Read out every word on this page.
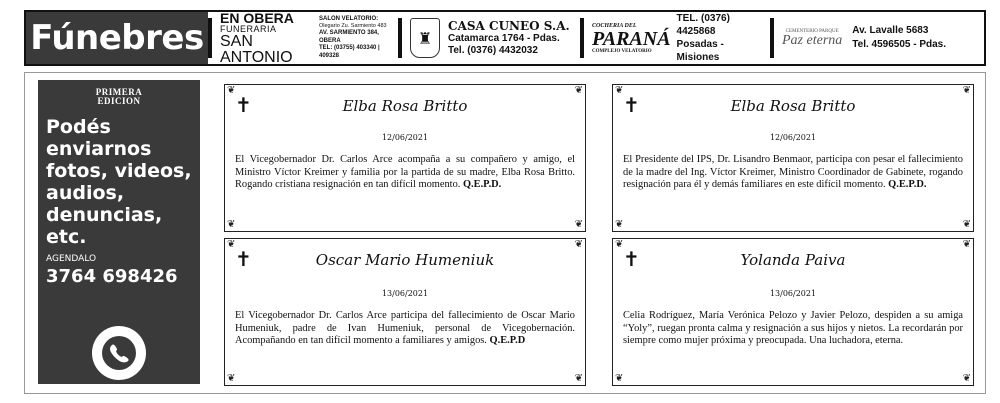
Fúnebres
EN OBERA
FUNERARIA
SAN ANTONIO
SALON VELATORIO:
Olegario Zu. Sarmiento 483
AV. SARMIENTO 384, OBERA
TEL: (03755) 403340 | 409328
♜
CASA CUNEO S.A.
Catamarca 1764 - Pdas.
Tel. (0376) 4432032
COCHERIA DEL
PARANÁ
COMPLEJO VELATORIO
TEL. (0376) 4425868
Posadas - Misiones
CEMENTERIO PARQUE
Paz eterna
Av. Lavalle 5683
Tel. 4596505 - Pdas.
PRIMERA
EDICION
Podés enviarnos fotos, videos, audios, denuncias, etc.
AGENDALO
3764 698426
❦	❦
❦	❦
✝	Elba Rosa Britto
12/06/2021
El Vicegobernador Dr. Carlos Arce acompaña a su compañero y amigo, el Ministro Víctor Kreimer y familia por la partida de su madre, Elba Rosa Britto. Rogando cristiana resignación en tan difícil momento. Q.E.P.D.
❦	❦
❦	❦
✝	Elba Rosa Britto
12/06/2021
El Presidente del IPS, Dr. Lisandro Benmaor, participa con pesar el fallecimiento de la madre del Ing. Víctor Kreimer, Ministro Coordinador de Gabinete, rogando resignación para él y demás familiares en este difícil momento. Q.E.P.D.
❦	❦
❦	❦
✝	Oscar Mario Humeniuk
13/06/2021
El Vicegobernador Dr. Carlos Arce participa del fallecimiento de Oscar Mario Humeniuk, padre de Ivan Humeniuk, personal de Vicegobernación. Acompañando en tan difícil momento a familiares y amigos. Q.E.P.D
❦	❦
❦	❦
✝	Yolanda Paiva
13/06/2021
Celia Rodríguez, María Verónica Pelozo y Javier Pelozo, despiden a su amiga “Yoly”, ruegan pronta calma y resignación a sus hijos y nietos. La recordarán por siempre como mujer próxima y preocupada. Una luchadora, eterna.
